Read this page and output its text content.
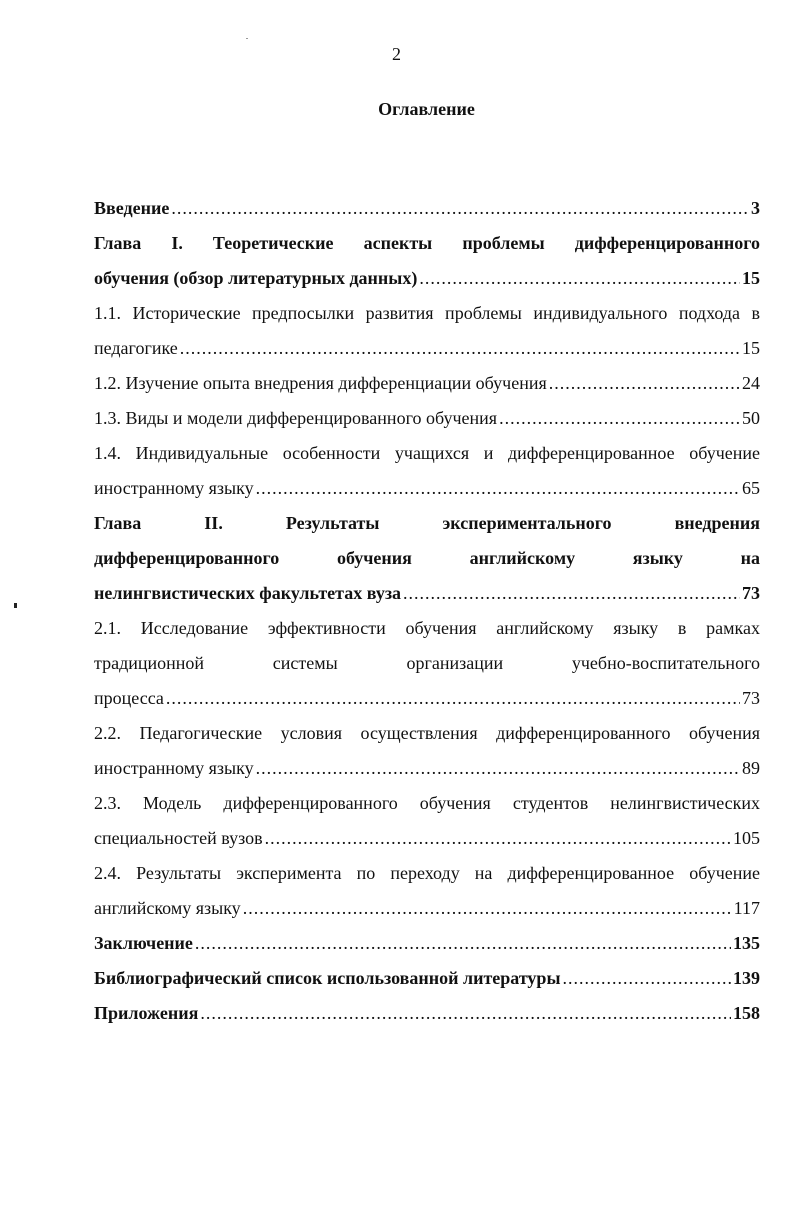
2
Оглавление
Введение .....	3
Глава I. Теоретические аспекты проблемы дифференцированного
обучения (обзор литературных данных) .....	15
1.1. Исторические предпосылки развития проблемы индивидуального подхода в
педагогике .....	15
1.2. Изучение опыта внедрения дифференциации обучения .....	24
1.3. Виды и модели дифференцированного обучения .....	50
1.4. Индивидуальные особенности учащихся и дифференцированное обучение
иностранному языку .....	65
Глава II. Результаты экспериментального внедрения
дифференцированного обучения английскому языку на
нелингвистических факультетах вуза .....	73
2.1. Исследование эффективности обучения английскому языку в рамках
традиционной системы организации учебно-воспитательного
процесса .....	73
2.2. Педагогические условия осуществления дифференцированного обучения
иностранному языку .....	89
2.3. Модель дифференцированного обучения студентов нелингвистических
специальностей вузов .....	105
2.4. Результаты эксперимента по переходу на дифференцированное обучение
английскому языку .....	117
Заключение .....	135
Библиографический список использованной литературы .....	139
Приложения .....	158
